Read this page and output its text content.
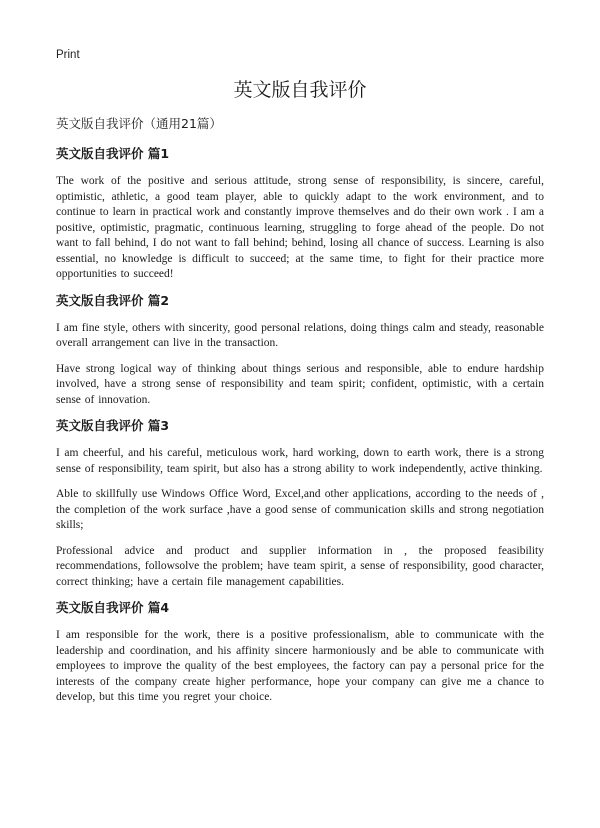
Print
英文版自我评价
英文版自我评价（通用21篇）
英文版自我评价 篇1

The work of the positive and serious attitude, strong sense of responsibility, is sincere, careful, optimistic, athletic, a good team player, able to quickly adapt to the work environment, and to continue to learn in practical work and constantly improve themselves and do their own work . I am a positive, optimistic, pragmatic, continuous learning, struggling to forge ahead of the people. Do not want to fall behind, I do not want to fall behind; behind, losing all chance of success. Learning is also essential, no knowledge is difficult to succeed; at the same time, to fight for their practice more opportunities to succeed!

英文版自我评价 篇2

I am fine style, others with sincerity, good personal relations, doing things calm and steady, reasonable overall arrangement can live in the transaction.

Have strong logical way of thinking about things serious and responsible, able to endure hardship involved, have a strong sense of responsibility and team spirit; confident, optimistic, with a certain sense of innovation.

英文版自我评价 篇3

I am cheerful, and his careful, meticulous work, hard working, down to earth work, there is a strong sense of responsibility, team spirit, but also has a strong ability to work independently, active thinking.

Able to skillfully use Windows Office Word, Excel,and other applications, according to the needs of , the completion of the work surface ,have a good sense of communication skills and strong negotiation skills;

Professional advice and product and supplier information in , the proposed feasibility recommendations, followsolve the problem; have team spirit, a sense of responsibility, good character, correct thinking; have a certain file management capabilities.

英文版自我评价 篇4

I am responsible for the work, there is a positive professionalism, able to communicate with the leadership and coordination, and his affinity sincere harmoniously and be able to communicate with employees to improve the quality of the best employees, the factory can pay a personal price for the interests of the company create higher performance, hope your company can give me a chance to develop, but this time you regret your choice.
